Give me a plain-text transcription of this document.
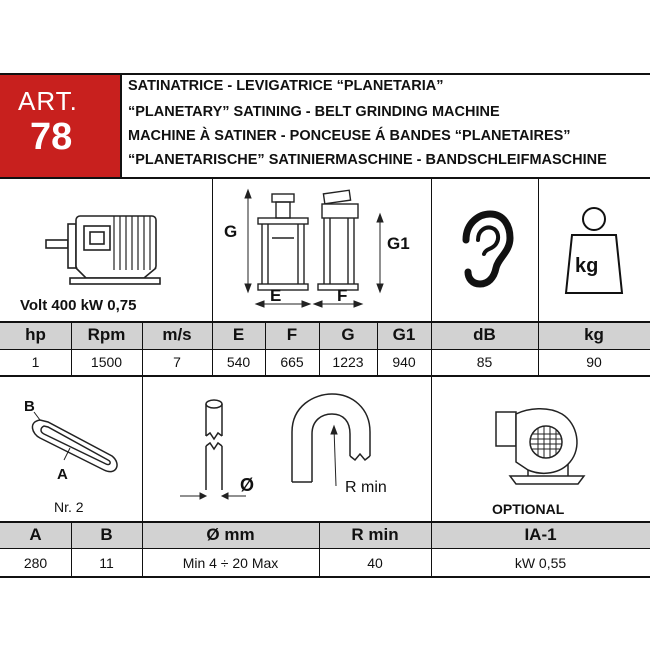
ART.
78
SATINATRICE - LEVIGATRICE “PLANETARIA”
“PLANETARY” SATINING - BELT GRINDING MACHINE
MACHINE À SATINER - PONCEUSE Á BANDES “PLANETAIRES”
“PLANETARISCHE” SATINIERMASCHINE - BANDSCHLEIFMASCHINE
Volt 400 kW 0,75
G
G1
E	F
kg
hp	Rpm	m/s	E	F	G	G1	dB	kg
1	1500	7	540	665	1223	940	85	90
B
A
Nr. 2
Ø	R min
OPTIONAL
A	B	Ø mm	R min	IA-1
280	11	Min 4 ÷ 20 Max	40	kW 0,55
